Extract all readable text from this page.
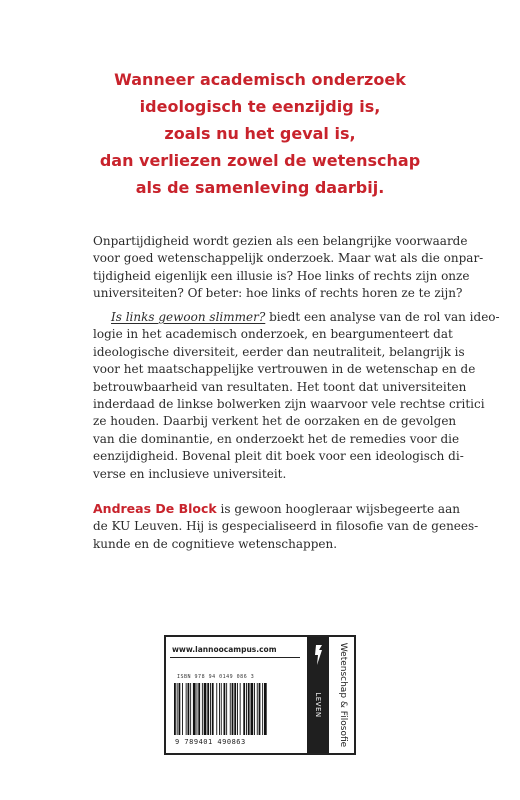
Wanneer academisch onderzoek
ideologisch te eenzijdig is,
zoals nu het geval is,
dan verliezen zowel de wetenschap
als de samenleving daarbij.
Onpartijdigheid wordt gezien als een belangrijke voorwaarde
voor goed wetenschappelijk onderzoek. Maar wat als die onpar-
tijdigheid eigenlijk een illusie is? Hoe links of rechts zijn onze
universiteiten? Of beter: hoe links of rechts horen ze te zijn?
Is links gewoon slimmer? biedt een analyse van de rol van ideo-
logie in het academisch onderzoek, en beargumenteert dat
ideologische diversiteit, eerder dan neutraliteit, belangrijk is
voor het maatschappelijke vertrouwen in de wetenschap en de
betrouwbaarheid van resultaten. Het toont dat universiteiten
inderdaad de linkse bolwerken zijn waarvoor vele rechtse critici
ze houden. Daarbij verkent het de oorzaken en de gevolgen
van die dominantie, en onderzoekt het de remedies voor die
eenzijdigheid. Bovenal pleit dit boek voor een ideologisch di-
verse en inclusieve universiteit.
Andreas De Block is gewoon hoogleraar wijsbegeerte aan
de KU Leuven. Hij is gespecialiseerd in filosofie van de genees-
kunde en de cognitieve wetenschappen.
www.lannoocampus.com
ISBN 978 94 0149 086 3
9 789401 490863
LEVEN Wetenschap & Filosofie
